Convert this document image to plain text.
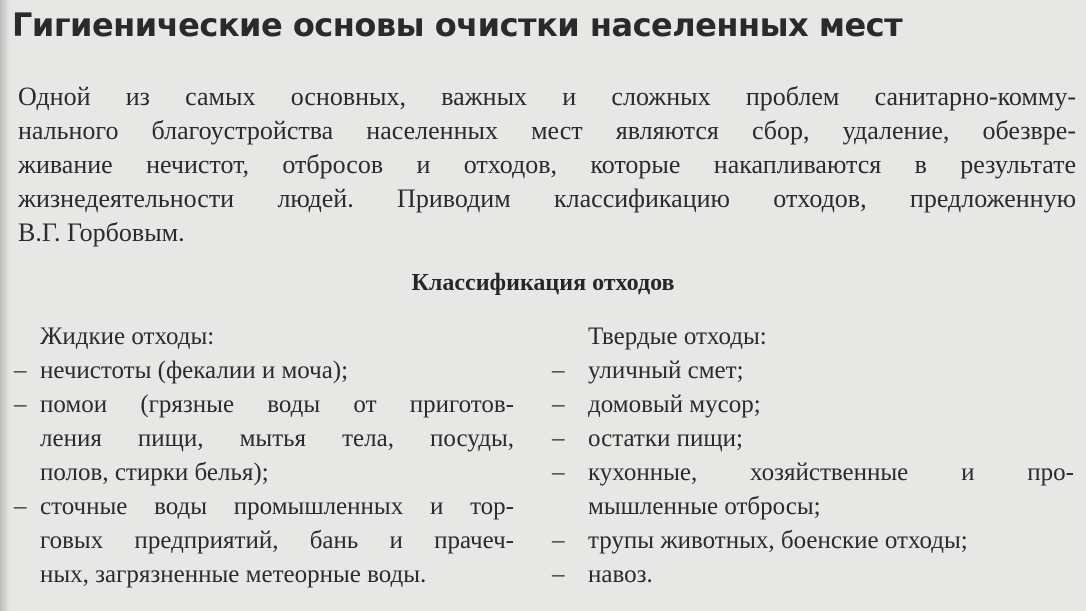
Гигиенические основы очистки населенных мест
Одной из самых основных, важных и сложных проблем санитарно-комму-
нального благоустройства населенных мест являются сбор, удаление, обезвре-
живание нечистот, отбросов и отходов, которые накапливаются в результате
жизнедеятельности людей. Приводим классификацию отходов, предложенную
В.Г. Горбовым.
Классификация отходов
Жидкие отходы:
– нечистоты (фекалии и моча);
– помои (грязные воды от приготов-
ления пищи, мытья тела, посуды,
полов, стирки белья);
– сточные воды промышленных и тор-
говых предприятий, бань и прачеч-
ных, загрязненные метеорные воды.
Твердые отходы:
– уличный смет;
– домовый мусор;
– остатки пищи;
– кухонные, хозяйственные и про-
мышленные отбросы;
– трупы животных, боенские отходы;
– навоз.
